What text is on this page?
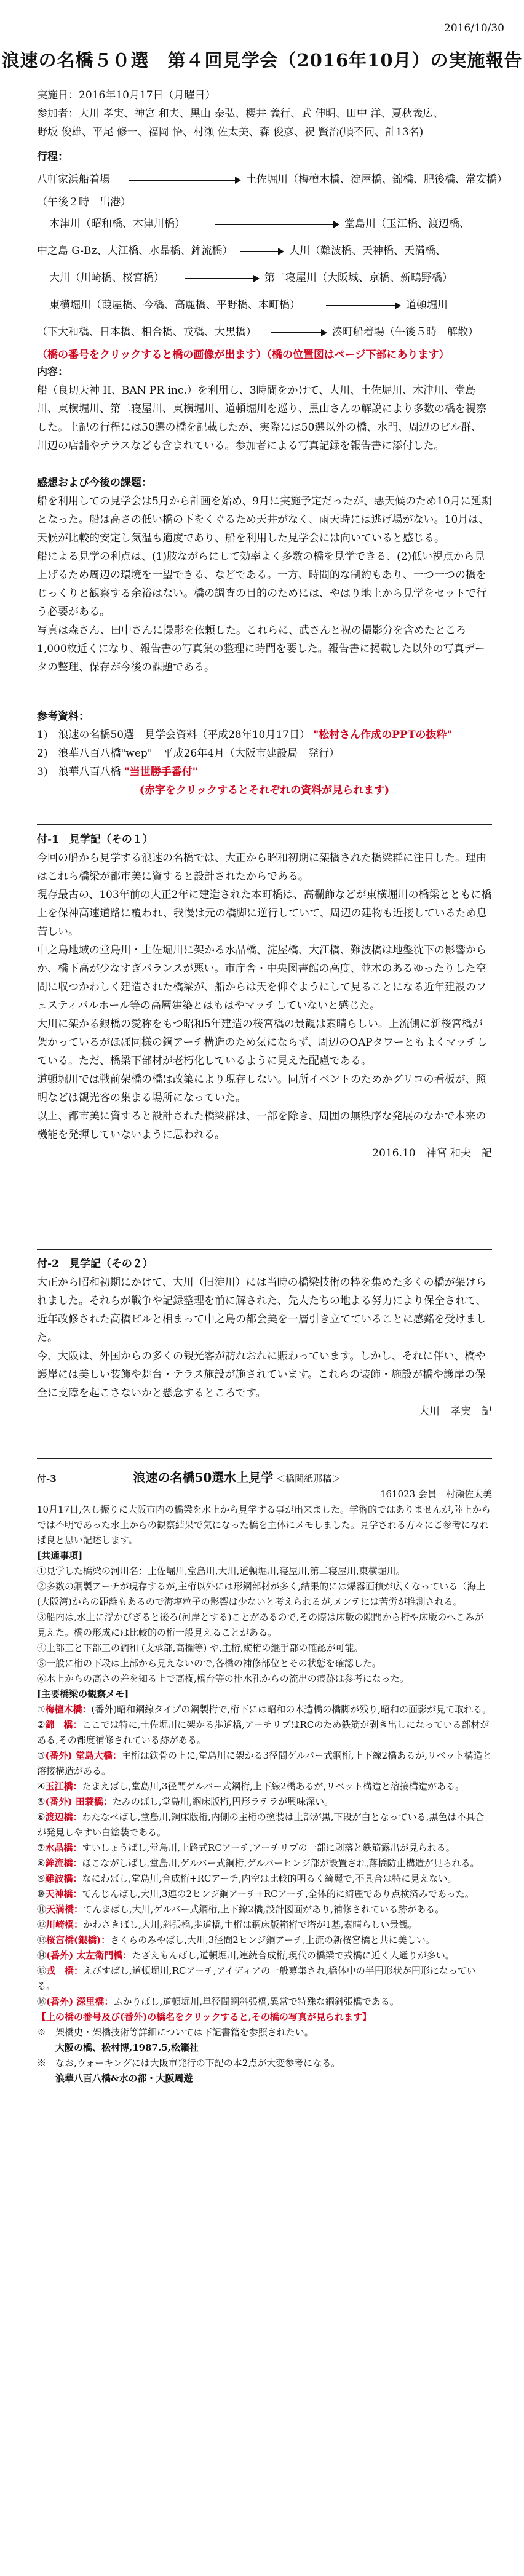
2016/10/30
浪速の名橋５０選　第４回見学会（2016年10月）の実施報告

実施日：2016年10月17日（月曜日）

参加者：大川 孝実、神宮 和夫、黒山 泰弘、櫻井 義行、武 伸明、田中 洋、夏秋義広、

野坂 俊雄、平尾 修一、福岡 悟、村瀬 佐太美、森 俊彦、祝 賢治(順不同、計13名)

行程：

八軒家浜船着場	土佐堀川（梅檀木橋、淀屋橋、錦橋、肥後橋、常安橋）
（午後２時　出港）
木津川（昭和橋、木津川橋）	堂島川（玉江橋、渡辺橋、
中之島 G-Bz、大江橋、水晶橋、鉾流橋）	大川（難波橋、天神橋、天満橋、
大川（川崎橋、桜宮橋）	第二寝屋川（大阪城、京橋、新鴫野橋）
東横堀川（葭屋橋、今橋、高麗橋、平野橋、本町橋）	道頓堀川
（下大和橋、日本橋、相合橋、戎橋、大黒橋）	湊町船着場（午後５時　解散）

（橋の番号をクリックすると橋の画像が出ます）（橋の位置図はページ下部にあります）

内容：

船（良切天神 II、BAN PR inc.）を利用し、3時間をかけて、大川、土佐堀川、木津川、堂島川、東横堀川、第二寝屋川、東横堀川、道頓堀川を巡り、黒山さんの解説により多数の橋を視察した。上記の行程には50選の橋を記載したが、実際には50選以外の橋、水門、周辺のビル群、川辺の店舗やテラスなども含まれている。参加者による写真記録を報告書に添付した。

感想および今後の課題：

船を利用しての見学会は5月から計画を始め、9月に実施予定だったが、悪天候のため10月に延期となった。船は高さの低い橋の下をくぐるため天井がなく、雨天時には逃げ場がない。10月は、天候が比較的安定し気温も適度であり、船を利用した見学会には向いていると感じる。

船による見学の利点は、(1)肢ながらにして効率よく多数の橋を見学できる、(2)低い視点から見上げるため周辺の環境を一望できる、などである。一方、時間的な制約もあり、一つ一つの橋をじっくりと観察する余裕はない。橋の調査の目的のためには、やはり地上から見学をセットで行う必要がある。

写真は森さん、田中さんに撮影を依頼した。これらに、武さんと祝の撮影分を含めたところ1,000枚近くになり、報告書の写真集の整理に時間を要した。報告書に掲載した以外の写真データの整理、保存が今後の課題である。

参考資料：

1)　浪速の名橋50選　見学会資料（平成28年10月17日） "松村さん作成のPPTの抜粋"

2)　浪華八百八橋"wep"　平成26年4月（大阪市建設局　発行）

3)　浪華八百八橋 "当世勝手番付"

(赤字をクリックするとそれぞれの資料が見られます)

付-1　見学記（その１）

今回の船から見学する浪速の名橋では、大正から昭和初期に架橋された橋梁群に注目した。理由はこれら橋梁が都市美に資すると設計されたからである。

現存最古の、103年前の大正2年に建造された本町橋は、高欄飾などが東横堀川の橋梁とともに橋上を保神高速道路に覆われ、我慢は元の橋脚に逆行していて、周辺の建物も近接しているため息苦しい。

中之島地域の堂島川・土佐堀川に架かる水晶橋、淀屋橋、大江橋、難波橋は地盤沈下の影響からか、橋下高が少なすぎバランスが悪い。市庁舎・中央図書館の高度、並木のあるゆったりした空間に収つかわしく建造された橋梁が、船からは天を仰ぐようにして見ることになる近年建設のフェスティバルホール等の高層建築とはもはやマッチしていないと感じた。

大川に架かる銀橋の愛称をもつ昭和5年建造の桜宮橋の景観は素晴らしい。上流側に新桜宮橋が架かっているがほぼ同様の鋼アーチ構造のため気にならず、周辺のOAPタワーともよくマッチしている。ただ、橋梁下部材が老朽化しているように見えた配慮である。

道頓堀川では戦前架橋の橋は改築により現存しない。同所イベントのためかグリコの看板が、照明などは観光客の集まる場所になっていた。

以上、都市美に資すると設計された橋梁群は、一部を除き、周囲の無秩序な発展のなかで本来の機能を発揮していないように思われる。

2016.10　神宮 和夫　記

付-2　見学記（その２）

大正から昭和初期にかけて、大川（旧淀川）には当時の橋梁技術の粋を集めた多くの橋が架けられました。それらが戦争や記録整理を前に解された、先人たちの地よる努力により保全されて、近年改修された高橋ビルと相まって中之島の都会美を一層引き立てていることに感銘を受けました。

今、大阪は、外国からの多くの観光客が訪れおれに賑わっています。しかし、それに伴い、橋や護岸には美しい装飾や舞台・テラス施設が施されています。これらの装飾・施設が橋や護岸の保全に支障を起こさないかと懸念するところです。

大川　孝実　記

付-3	浪速の名橋50選水上見学 ＜橋閲紙那稿＞

161023 会員　村瀬佐太美

10月17日,久し振りに大阪市内の橋梁を水上から見学する事が出来ました。学術的ではありませんが,陸上からでは不明であった水上からの観察結果で気になった橋を主体にメモしました。見学される方々にご参考になれば良と思い記述します。

[共通事項]

①見学した橋梁の河川名：土佐堀川,堂島川,大川,道頓堀川,寝屋川,第二寝屋川,東横堀川。

②多数の鋼製アーチが現存するが,主桁以外には形鋼部材が多く,結果的には爆霧面積が広くなっている（海上(大阪湾)からの距離もあるので海塩粒子の影響は少ないと考えられるが,メンテには苦労が推測される。

③船内は,水上に浮かびぎると後ろ(河岸とする)ことがあるので,その際は床版の隙間から桁や床版のへこみが見えた。橋の形成には比較的の桁一般見えることがある。

④上部工と下部工の調和 (支承部,高欄等) や,主桁,縦桁の継手部の確認が可能。

⑤一般に桁の下段は上部から見えないので,各橋の補修部位とその状態を確認した。

⑥水上からの高さの差を知る上で高欄,橋台等の排水孔からの流出の痕跡は参考になった。

[主要橋梁の観察メモ]

①梅檀木橋：(番外)昭和鋼線タイプの鋼製桁で,桁下には昭和の木造橋の橋脚が残り,昭和の面影が見て取れる。

②錦　橋：ここでは特に,土佐堀川に架かる歩道橋,アーチリブはRCのため鉄筋が剥き出しになっている部材がある,その都度補修されている跡がある。

③(番外) 堂島大橋：主桁は鉄骨の上に,堂島川に架かる3径間ゲルバー式鋼桁,上下線2橋あるが,リベット構造と溶接構造がある。

④玉江橋：たまえばし,堂島川,3径間ゲルバー式鋼桁,上下線2橋あるが,リベット構造と溶接構造がある。

⑤(番外) 田蓑橋：たみのばし,堂島川,鋼床版桁,円形ラテラが興味深い。

⑥渡辺橋：わたなべばし,堂島川,鋼床版桁,内側の主桁の塗装は上部が黒,下段が白となっている,黒色は不具合が発見しやすい白塗装である。

⑦水晶橋：すいしょうばし,堂島川,上路式RCアーチ,アーチリブの一部に剥落と鉄筋露出が見られる。

⑧鉾流橋：ほこながしばし,堂島川,ゲルバー式鋼桁,ゲルバーヒンジ部が設置され,落橋防止構造が見られる。

⑨難波橋：なにわばし,堂島川,合成桁+RCアーチ,内空は比較的明るく綺麗で,不具合は特に見えない。

⑩天神橋：てんじんばし,大川,3連の2ヒンジ鋼アーチ+RCアーチ,全体的に綺麗であり点検済みであった。

⑪天満橋：てんまばし,大川,ゲルバー式鋼桁,上下線2橋,設計図面があり,補修されている跡がある。

⑫川崎橋：かわさきばし,大川,斜張橋,歩道橋,主桁は鋼床版箱桁で塔が1基,素晴らしい景観。

⑬桜宮橋(銀橋)：さくらのみやばし,大川,3径間2ヒンジ鋼アーチ,上流の新桜宮橋と共に美しい。

⑭(番外) 太左衛門橋：たざえもんばし,道頓堀川,連続合成桁,現代の橋梁で戎橋に近く人通りが多い。

⑮戎　橋：えびすばし,道頓堀川,RCアーチ,アイディアの一般募集され,橋体中の半円形状が円形になっている。

⑯(番外) 深里橋：ふかりばし,道頓堀川,単径間鋼斜張橋,異常で特殊な鋼斜張橋である。

【上の橋の番号及び(番外)の橋名をクリックすると,その橋の写真が見られます】

※　架橋史・架橋技術等詳細については下記書籍を参照されたい。

大阪の橋、松村博,1987.5,松籟社

※　なお,ウォーキングには大阪市発行の下記の本2点が大変参考になる。

浪華八百八橋&水の都・大阪周遊
